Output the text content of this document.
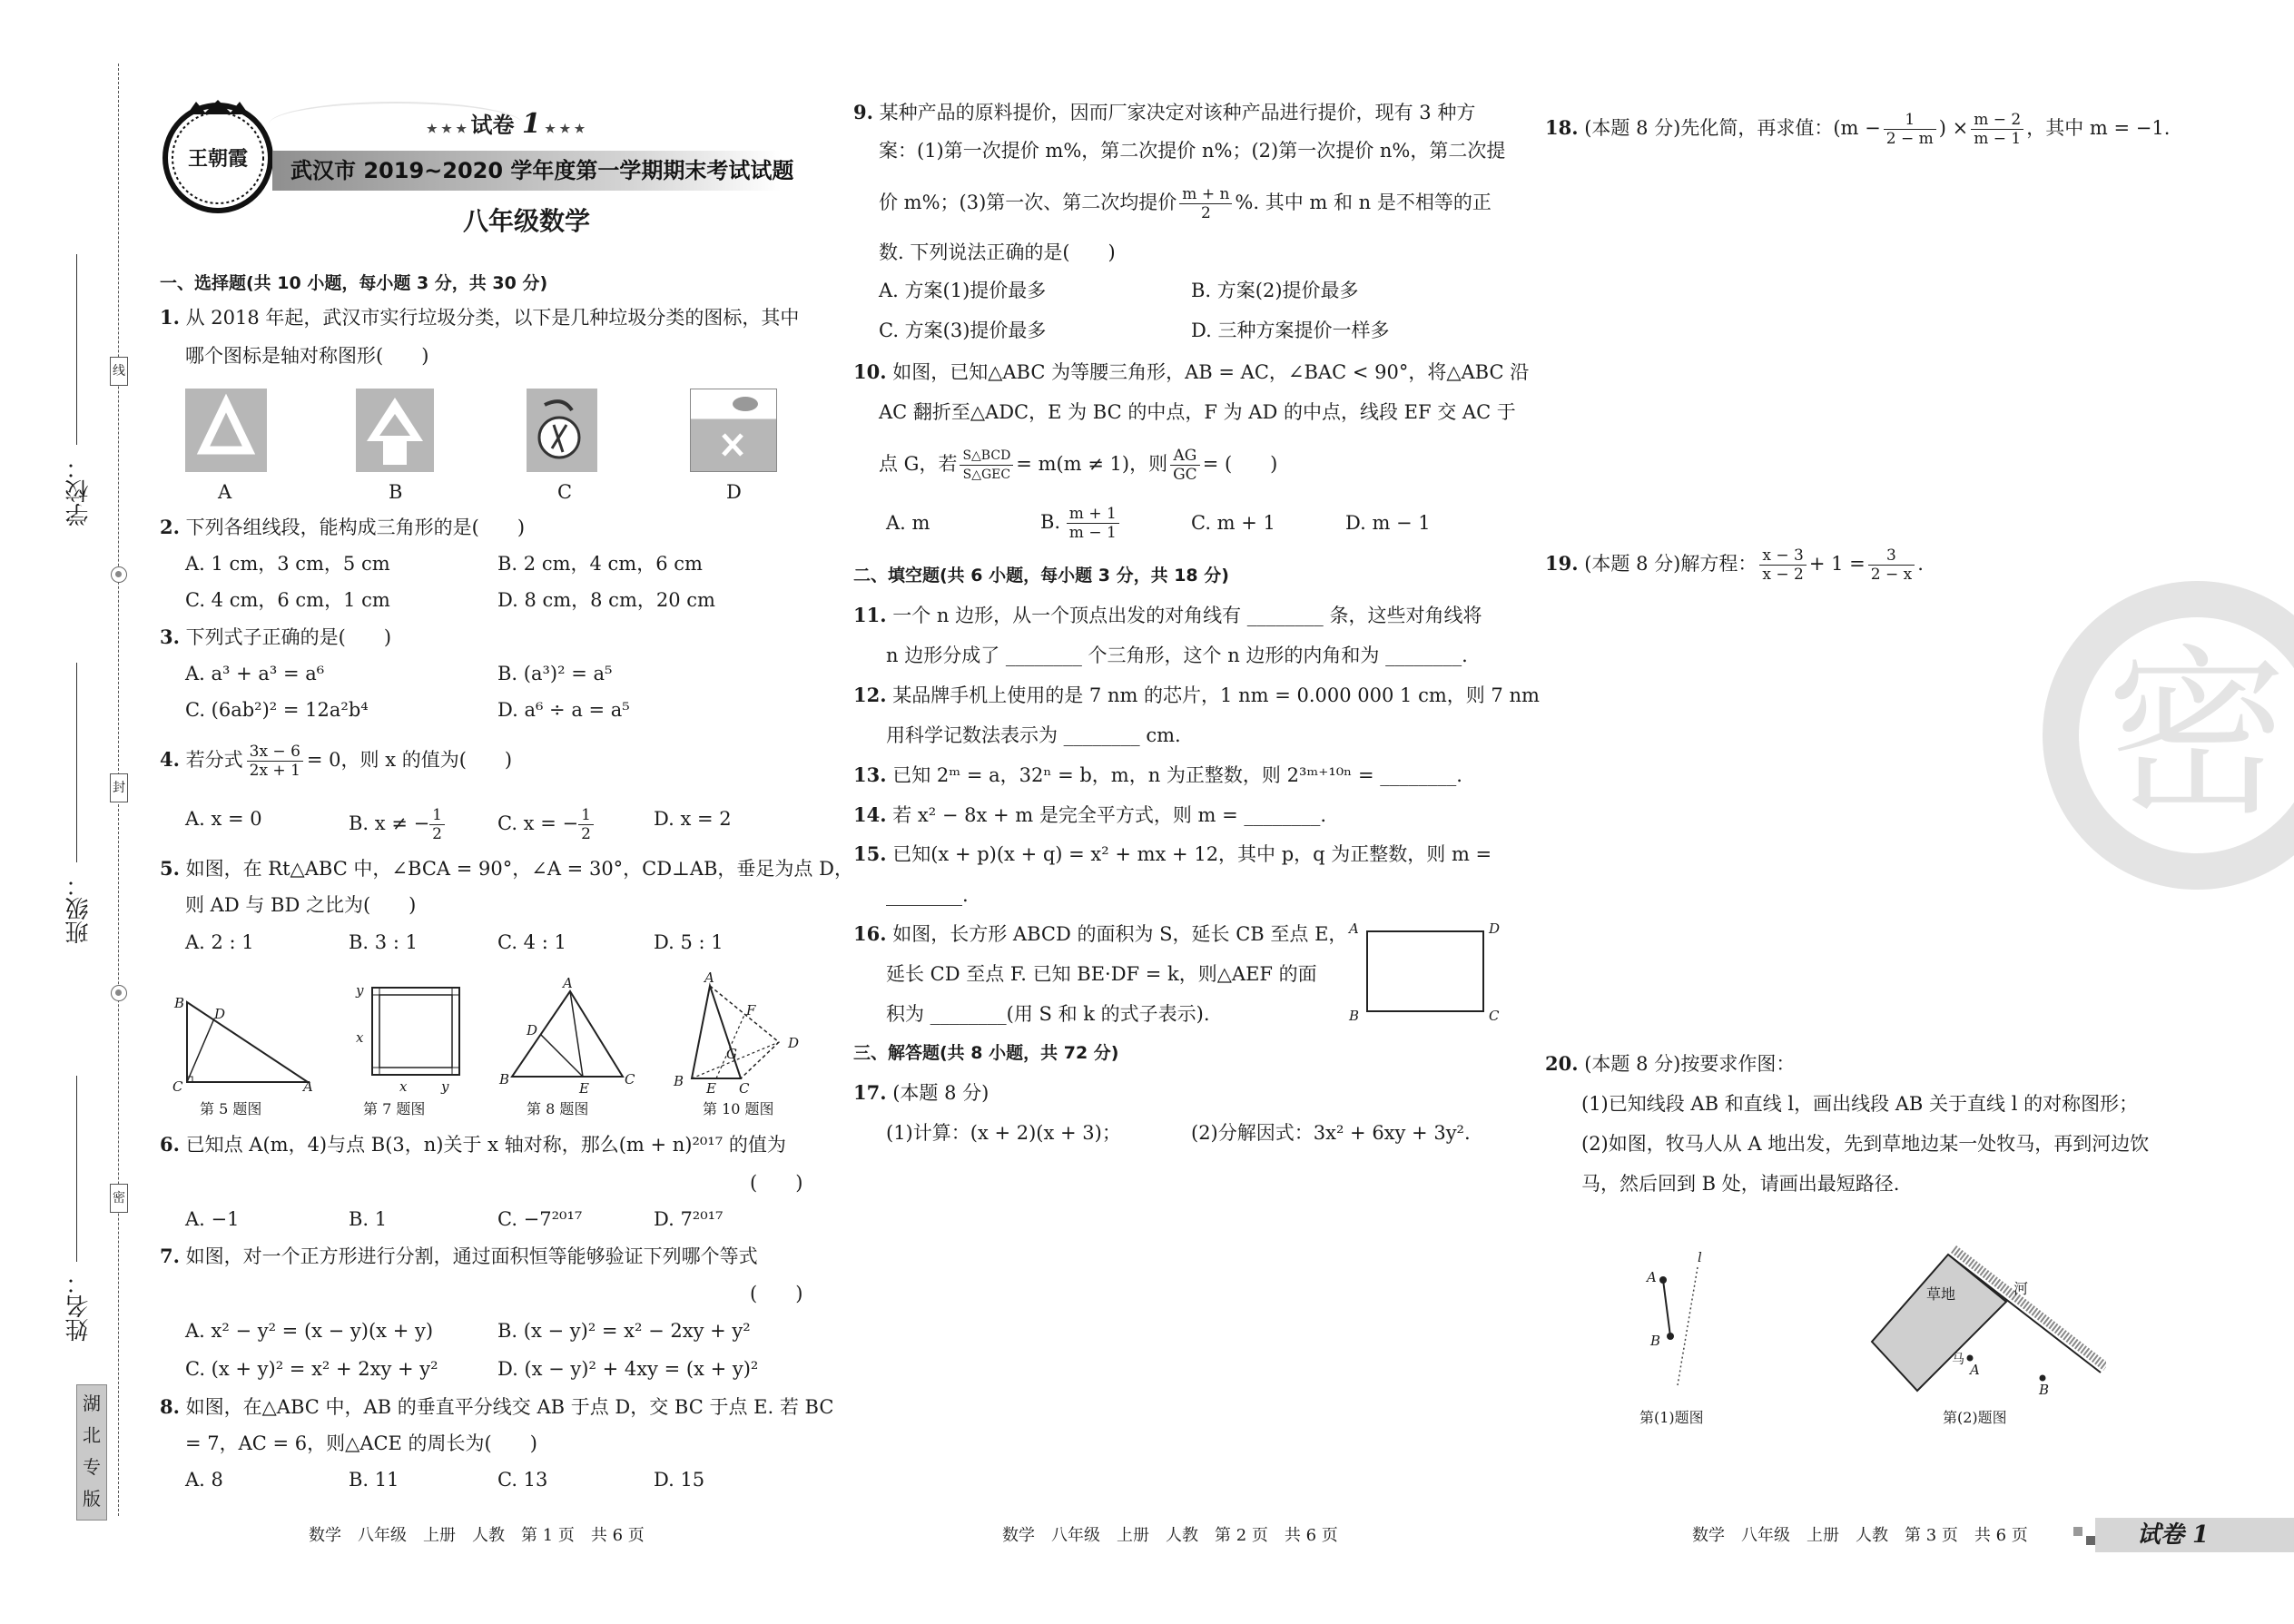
线
封
密
学校：
班级：
姓名：
湖
北
专
版
王朝霞
★ ★ ★ 试卷 1 ★ ★ ★
武汉市 2019~2020 学年度第一学期期末考试试题
八年级数学
一、选择题(共 10 小题，每小题 3 分，共 30 分)
1. 从 2018 年起，武汉市实行垃圾分类，以下是几种垃圾分类的图标，其中
哪个图标是轴对称图形(　　)
A	B	C	D
2. 下列各组线段，能构成三角形的是(　　)
A. 1 cm，3 cm，5 cm	B. 2 cm，4 cm，6 cm
C. 4 cm，6 cm，1 cm	D. 8 cm，8 cm，20 cm
3. 下列式子正确的是(　　)
A. a³ + a³ = a⁶	B. (a³)² = a⁵
C. (6ab²)² = 12a²b⁴	D. a⁶ ÷ a = a⁵
4. 若分式 $\frac{3x - 6}{2x + 1} = 0$，则 x 的值为(　　)
A. x = 0	B. x ≠ − $\frac{1}{2}$	C. x = − $\frac{1}{2}$	D. x = 2
5. 如图，在 Rt△ABC 中，∠BCA = 90°，∠A = 30°，CD⊥AB，垂足为点 D，
则 AD 与 BD 之比为(　　)
A. 2 : 1	B. 3 : 1	C. 4 : 1	D. 5 : 1
B
D
C	A
y
x
x	y
A
D
B
E
C
A
F
D
G
B E C
第 5 题图	第 7 题图	第 8 题图	第 10 题图
6. 已知点 A(m，4)与点 B(3，n)关于 x 轴对称，那么(m + n)²⁰¹⁷ 的值为
(　　)
A. −1	B. 1	C. −7²⁰¹⁷	D. 7²⁰¹⁷
7. 如图，对一个正方形进行分割，通过面积恒等能够验证下列哪个等式
(　　)
A. x² − y² = (x − y)(x + y)	B. (x − y)² = x² − 2xy + y²
C. (x + y)² = x² + 2xy + y²	D. (x − y)² + 4xy = (x + y)²
8. 如图，在△ABC 中，AB 的垂直平分线交 AB 于点 D，交 BC 于点 E. 若 BC
= 7，AC = 6，则△ACE 的周长为(　　)
A. 8	B. 11	C. 13	D. 15
9. 某种产品的原料提价，因而厂家决定对该种产品进行提价，现有 3 种方
案：(1)第一次提价 m%，第二次提价 n%；(2)第一次提价 n%，第二次提
价 m%；(3)第一次、第二次均提价 $\frac{m + n}{2}$ %. 其中 m 和 n 是不相等的正
数. 下列说法正确的是(　　)
A. 方案(1)提价最多	B. 方案(2)提价最多
C. 方案(3)提价最多	D. 三种方案提价一样多
10. 如图，已知△ABC 为等腰三角形，AB = AC，∠BAC < 90°，将△ABC 沿
AC 翻折至△ADC，E 为 BC 的中点，F 为 AD 的中点，线段 EF 交 AC 于
点 G，若 $\frac{\text{S△BCD}}{\text{S△GEC}} = m(m \ne 1)$，则 $\frac{AG}{GC}$ = (　　)
A. m	B. $\frac{m + 1}{m - 1}$	C. m + 1	D. m − 1
二、填空题(共 6 小题，每小题 3 分，共 18 分)
11. 一个 n 边形，从一个顶点出发的对角线有 ________ 条，这些对角线将
n 边形分成了 ________ 个三角形，这个 n 边形的内角和为 ________.
12. 某品牌手机上使用的是 7 nm 的芯片，1 nm = 0.000 000 1 cm，则 7 nm
用科学记数法表示为 ________ cm.
13. 已知 2ᵐ = a，32ⁿ = b，m，n 为正整数，则 2³ᵐ⁺¹⁰ⁿ = ________.
14. 若 x² − 8x + m 是完全平方式，则 m = ________.
15. 已知(x + p)(x + q) = x² + mx + 12，其中 p，q 为正整数，则 m =
________.
16. 如图，长方形 ABCD 的面积为 S，延长 CB 至点 E，
延长 CD 至点 F. 已知 BE·DF = k，则△AEF 的面
积为 ________(用 S 和 k 的式子表示).
A	D
B	C
三、解答题(共 8 小题，共 72 分)
17. (本题 8 分)
(1)计算：(x + 2)(x + 3)；	(2)分解因式：3x² + 6xy + 3y².
18. (本题 8 分)先化简，再求值：($m - \frac{1}{2 - m}$ ) × $\frac{m - 2}{m - 1}$ ，其中 m = −1.
19. (本题 8 分)解方程： $\frac{x - 3}{x - 2} + 1 = \frac{3}{2 - x}$ .
密
20. (本题 8 分)按要求作图：
(1)已知线段 AB 和直线 l，画出线段 AB 关于直线 l 的对称图形；
(2)如图，牧马人从 A 地出发，先到草地边某一处牧马，再到河边饮
马，然后回到 B 处，请画出最短路径.
A
B
l
草地	河
马
A
B
第(1)题图	第(2)题图
数学　八年级　上册　人教　第 1 页　共 6 页	数学　八年级　上册　人教　第 2 页　共 6 页	数学　八年级　上册　人教　第 3 页　共 6 页	试卷 1
